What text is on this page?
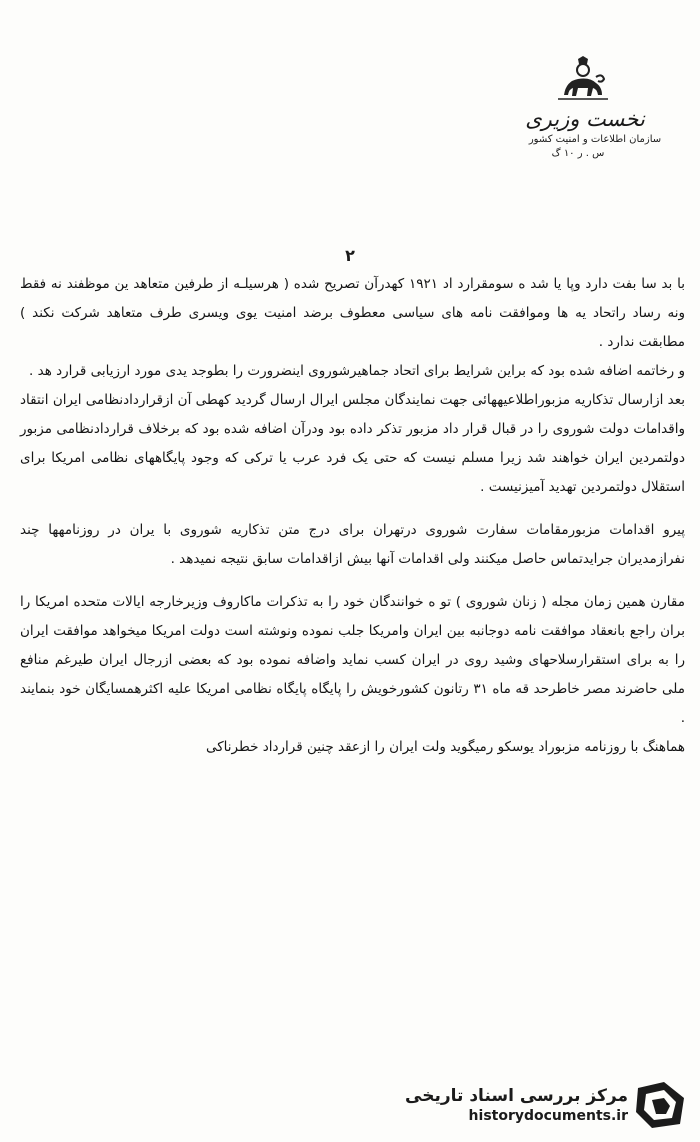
نخست وزیری
سازمان اطلاعات و امنیت کشور
س . ر ۱۰ گ
۲

با بد سا بفت دارد وپا یا شد ه سومقرارد اد ۱۹۲۱ کهدرآن تصریح شده ( هرسیلـه از طرفین متعاهد ین موظفند نه فقط ونه رساد راتحاد یه ها وموافقت نامه های سیاسی معطوف برضد امنیت یوی ویسری طرف متعاهد شرکت نکند ) مطابقت ندارد .

و رخاتمه اضافه شده بود که براین شرایط برای اتحاد جماهیرشوروی اینضرورت را بطوجد یدی مورد ارزیابی قرارد هد .

بعد ازارسال تذکاریه مزبوراطلاعیههائی جهت نمایندگان مجلس ایرال ارسال گردید کهطی آن ازقراردادنظامی ایران انتقاد واقدامات دولت شوروی را در قبال قرار داد مزبور تذکر داده بود ودرآن اضافه شده بود که برخلاف قراردادنظامی مزبور دولتمردین ایران خواهند شد زیرا مسلم نیست که حتی یک فرد عرب یا ترکی که وجود پایگاههای نظامی امریکا برای استقلال دولتمردین تهدید آمیزنیست .

پیرو اقدامات مزبورمقامات سفارت شوروی درتهران برای درج متن تذکاریه شوروی با یران در روزنامهها چند نفرازمدیران جرایدتماس حاصل میکنند ولی اقدامات آنها بیش ازاقدامات سابق نتیجه نمیدهد .

مقارن همین زمان مجله ( زنان شوروی ) تو ه خوانندگان خود را به تذکرات ماکاروف وزیرخارجه ایالات متحده امریکا را بران راجع بانعقاد موافقت نامه دوجانبه بین ایران وامریکا جلب نموده ونوشته است دولت امریکا میخواهد موافقت ایران را به برای استقرارسلاحهای وشید روی در ایران کسب نماید واضافه نموده بود که بعضی ازرجال ایران طیرغم منافع ملی حاضرند مصر خاطرحد قه ماه ۳۱ رتانون کشورخویش را پایگاه پایگاه نظامی امریکا علیه اکثرهمسایگان خود بنمایند .

هماهنگ با روزنامه مزبوراد یوسکو رمیگوید ولت ایران را ازعقد چنین قرارداد خطرناکی

مرکز بررسی اسناد تاریخی
historydocuments.ir
